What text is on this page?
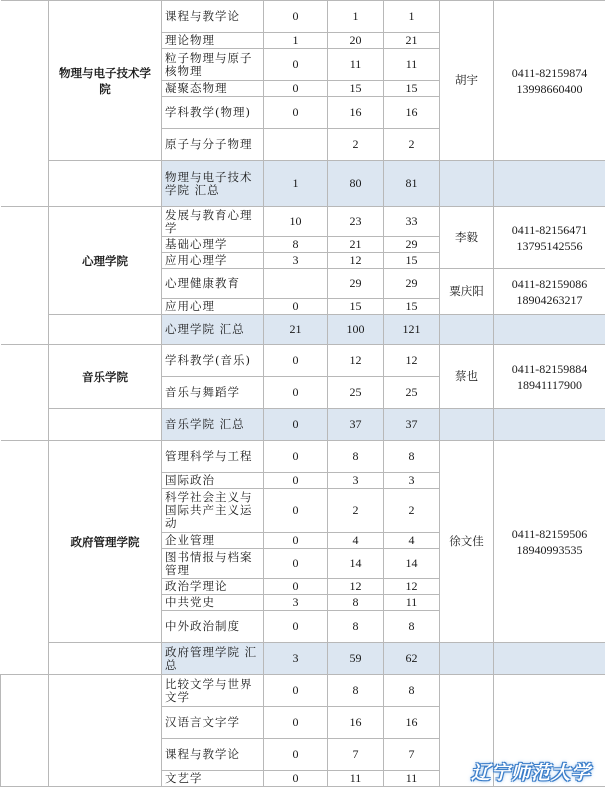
	物理与电子技术学院	课程与教学论	0	1	1	胡宇	0411-82159874
13998660400

		理论物理	1	20	21		
		粒子物理与原子核物理	0	11	11		
		凝聚态物理	0	15	15		
		学科教学(物理)	0	16	16		
		原子与分子物理		2	2		
		物理与电子技术学院 汇总	1	80	81		
	心理学院	发展与教育心理学	10	23	33	李毅	0411-82156471
13795142556

		基础心理学	8	21	29		
		应用心理学	3	12	15		
		心理健康教育		29	29	粟庆阳	0411-82159086
18904263217

		应用心理	0	15	15		
		心理学院 汇总	21	100	121		
	音乐学院	学科教学(音乐)	0	12	12	蔡也	0411-82159884
18941117900

		音乐与舞蹈学	0	25	25		
		音乐学院 汇总	0	37	37		
	政府管理学院	管理科学与工程	0	8	8	徐文佳	0411-82159506
18940993535

		国际政治	0	3	3		
		科学社会主义与国际共产主义运动	0	2	2		
		企业管理	0	4	4		
		图书情报与档案管理	0	14	14		
		政治学理论	0	12	12		
		中共党史	3	8	11		
		中外政治制度	0	8	8		
		政府管理学院 汇总	3	59	62		
		比较文学与世界文学	0	8	8		
		汉语言文字学	0	16	16		
		课程与教学论	0	7	7		
		文艺学	0	11	11			辽宁师范大学
